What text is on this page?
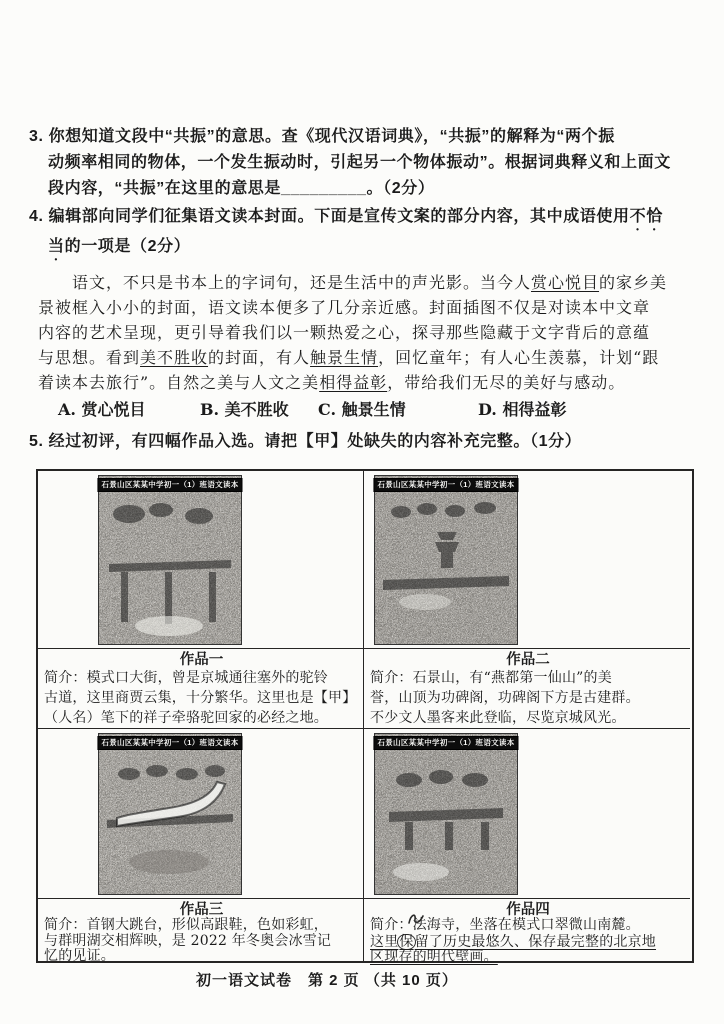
3. 你想知道文段中“共振”的意思。查《现代汉语词典》，“共振”的解释为“两个振
动频率相同的物体，一个发生振动时，引起另一个物体振动”。根据词典释义和上面文
段内容，“共振”在这里的意思是_________。（2分）
4. 编辑部向同学们征集语文读本封面。下面是宣传文案的部分内容，其中成语使用不恰
当的一项是（2分）
　　语文，不只是书本上的字词句，还是生活中的声光影。当今人赏心悦目的家乡美
景被框入小小的封面，语文读本便多了几分亲近感。封面插图不仅是对读本中文章
内容的艺术呈现，更引导着我们以一颗热爱之心，探寻那些隐藏于文字背后的意蕴
与思想。看到美不胜收的封面，有人触景生情，回忆童年；有人心生羡慕，计划“跟
着读本去旅行”。自然之美与人文之美相得益彰，带给我们无尽的美好与感动。
A. 赏心悦目	B. 美不胜收	C. 触景生情	D. 相得益彰
5. 经过初评，有四幅作品入选。请把【甲】处缺失的内容补充完整。（1分）
石景山区某某中学初一（1）班语文读本	石景山区某某中学初一（1）班语文读本
作品一
简介：模式口大街，曾是京城通往塞外的驼铃
古道，这里商贾云集，十分繁华。这里也是【甲】
（人名）笔下的祥子牵骆驼回家的必经之地。
作品二
简介：石景山，有“燕都第一仙山”的美
誉，山顶为功碑阁，功碑阁下方是古建群。
不少文人墨客来此登临，尽览京城风光。
石景山区某某中学初一（1）班语文读本	石景山区某某中学初一（1）班语文读本
作品三
简介：首钢大跳台，形似高跟鞋，色如彩虹，
与群明湖交相辉映，是 2022 年冬奥会冰雪记
忆的见证。
作品四
简介：法海寺，坐落在模式口翠微山南麓。
这里保留了历史最悠久、保存最完整的北京地
区现存的明代壁画。
初一语文试卷　第 2 页 （共 10 页）
